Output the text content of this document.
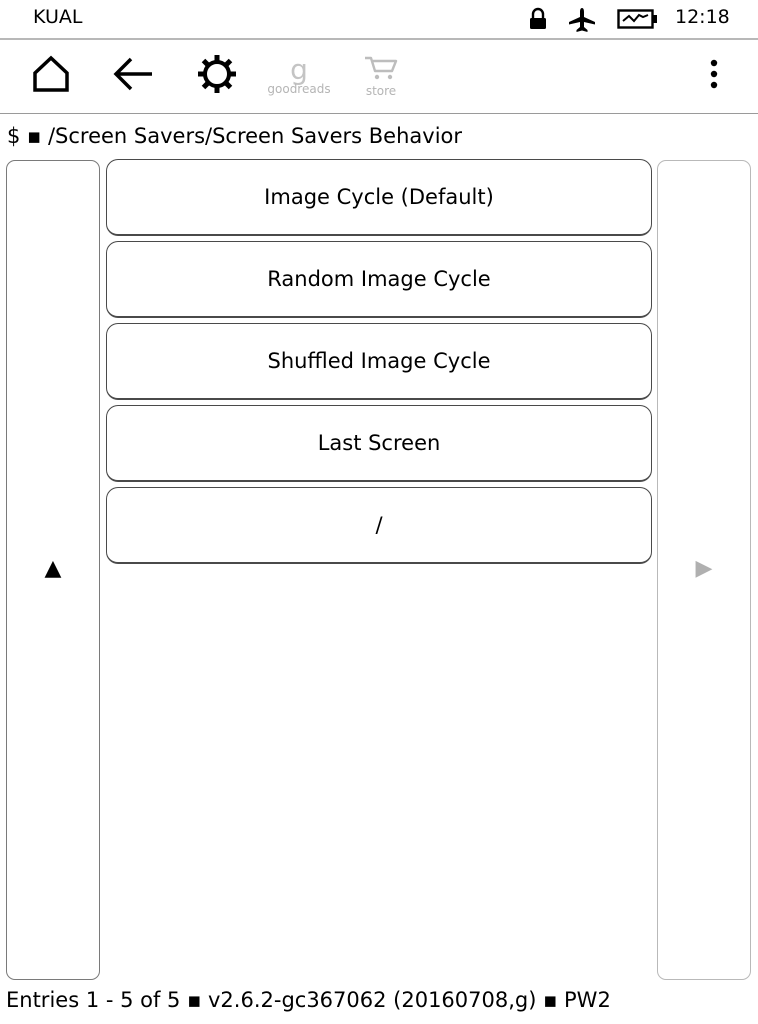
KUAL	12:18
g
goodreads	store
$ ▪ /Screen Savers/Screen Savers Behavior
▲
Image Cycle (Default)
Random Image Cycle
Shuffled Image Cycle
Last Screen
/
▶
Entries 1 - 5 of 5 ▪ v2.6.2-gc367062 (20160708,g) ▪ PW2
